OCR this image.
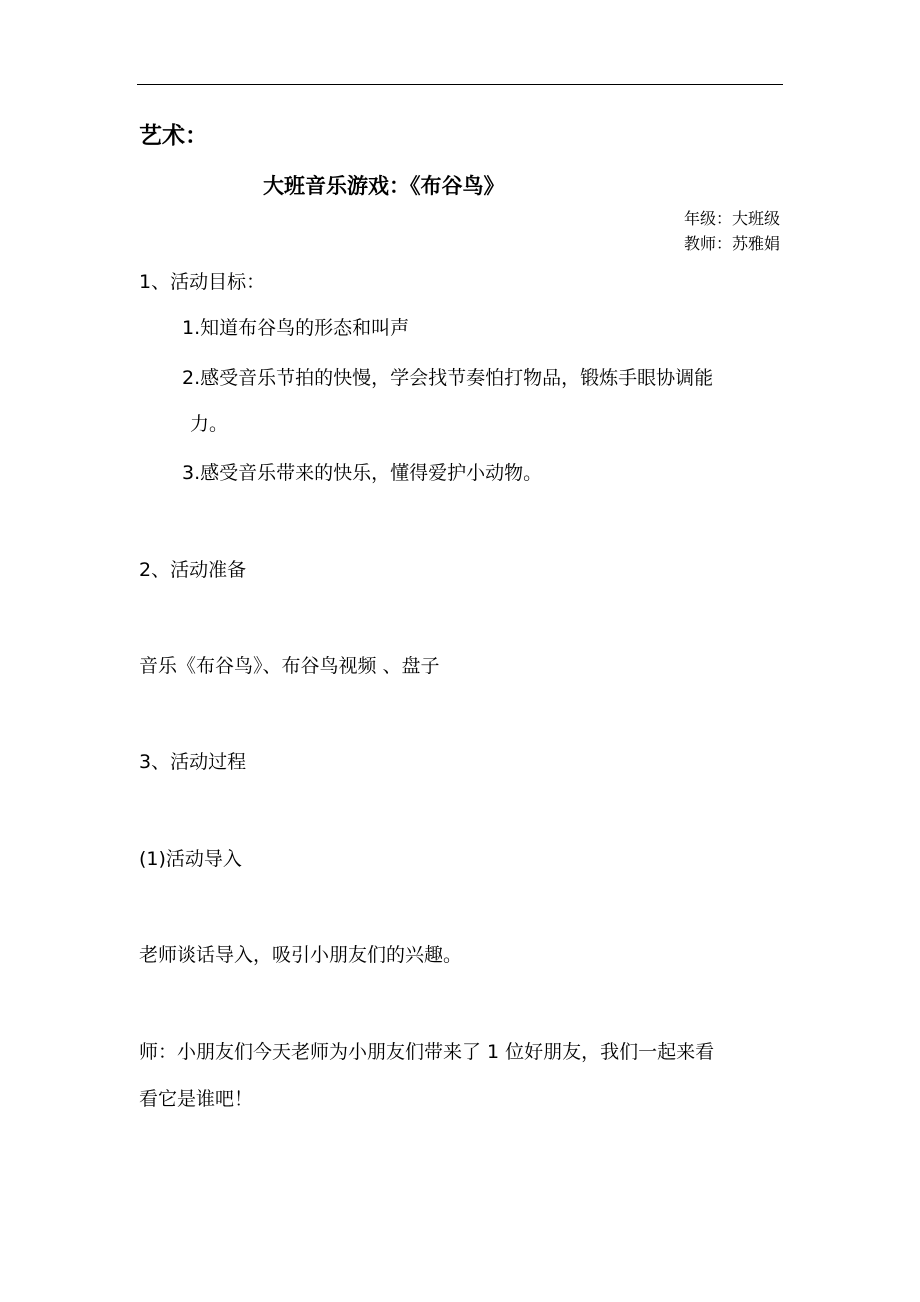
艺术：
大班音乐游戏：《布谷鸟》
年级：大班级
教师：苏雅娟
1、活动目标：
1.知道布谷鸟的形态和叫声
2.感受音乐节拍的快慢，学会找节奏怕打物品，锻炼手眼协调能
力。
3.感受音乐带来的快乐，懂得爱护小动物。
2、活动准备
音乐《布谷鸟》、布谷鸟视频 、盘子
3、活动过程
(1)活动导入
老师谈话导入，吸引小朋友们的兴趣。
师：小朋友们今天老师为小朋友们带来了 1 位好朋友，我们一起来看
看它是谁吧！
